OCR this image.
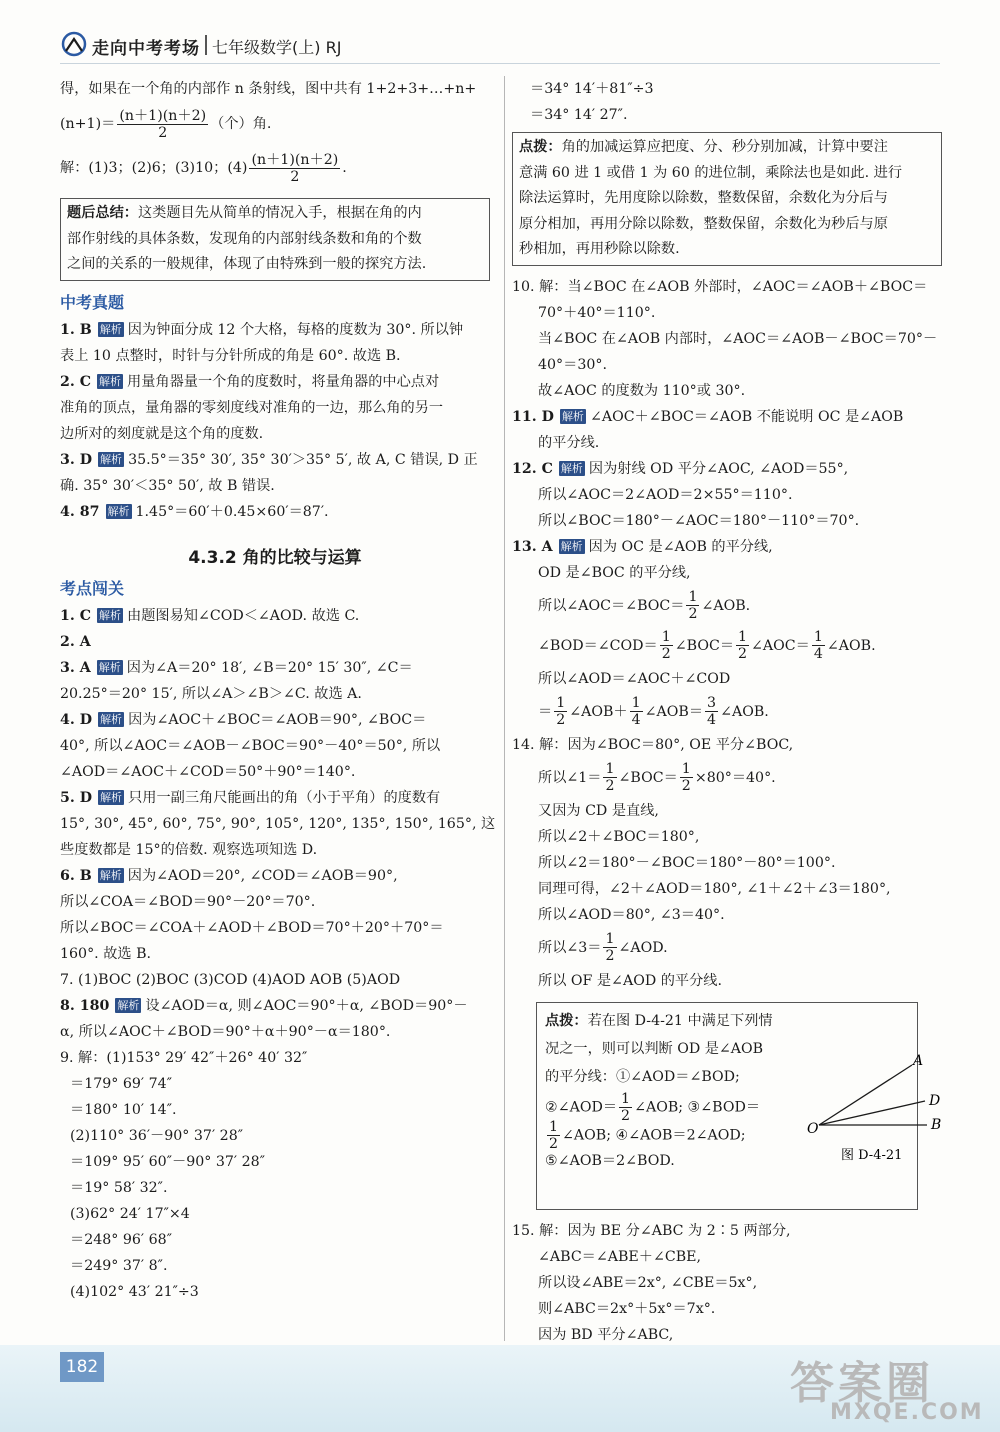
走向中考考场 七年级数学(上) RJ
得，如果在一个角的内部作 n 条射线，图中共有 1+2+3+…+n+
$(n+1)= \frac{(n+1)(n+2)}{2}$ （个）角.
解：(1)3；(2)6；(3)10；$(4) \frac{(n+1)(n+2)}{2}$ .
题后总结：这类题目先从简单的情况入手，根据在角的内
部作射线的具体条数，发现角的内部射线条数和角的个数
之间的关系的一般规律，体现了由特殊到一般的探究方法.
中考真题
1. B 解析 因为钟面分成 12 个大格，每格的度数为 30°. 所以钟
表上 10 点整时，时针与分针所成的角是 60°. 故选 B.
2. C 解析 用量角器量一个角的度数时，将量角器的中心点对
准角的顶点，量角器的零刻度线对准角的一边，那么角的另一
边所对的刻度就是这个角的度数.
3. D 解析 35.5°＝35° 30′, 35° 30′＞35° 5′, 故 A, C 错误, D 正
确. 35° 30′＜35° 50′, 故 B 错误.
4. 87 解析 1.45°＝60′＋0.45×60′＝87′.
4.3.2 角的比较与运算
考点闯关
1. C 解析 由题图易知∠COD＜∠AOD. 故选 C.
2. A
3. A 解析 因为∠A＝20° 18′, ∠B＝20° 15′ 30″, ∠C＝
20.25°＝20° 15′, 所以∠A＞∠B＞∠C. 故选 A.
4. D 解析 因为∠AOC＋∠BOC＝∠AOB＝90°, ∠BOC＝
40°, 所以∠AOC＝∠AOB－∠BOC＝90°－40°＝50°, 所以
∠AOD＝∠AOC＋∠COD＝50°＋90°＝140°.
5. D 解析 只用一副三角尺能画出的角（小于平角）的度数有
15°, 30°, 45°, 60°, 75°, 90°, 105°, 120°, 135°, 150°, 165°, 这
些度数都是 15°的倍数. 观察选项知选 D.
6. B 解析 因为∠AOD＝20°, ∠COD＝∠AOB＝90°,
所以∠COA＝∠BOD＝90°－20°＝70°.
所以∠BOC＝∠COA＋∠AOD＋∠BOD＝70°＋20°＋70°＝
160°. 故选 B.
7. (1)BOC (2)BOC (3)COD (4)AOD AOB (5)AOD
8. 180 解析 设∠AOD＝α, 则∠AOC＝90°＋α, ∠BOD＝90°－
α, 所以∠AOC＋∠BOD＝90°＋α＋90°－α＝180°.
9. 解：(1)153° 29′ 42″＋26° 40′ 32″
＝179° 69′ 74″
＝180° 10′ 14″.
(2)110° 36′－90° 37′ 28″
＝109° 95′ 60″－90° 37′ 28″
＝19° 58′ 32″.
(3)62° 24′ 17″×4
＝248° 96′ 68″
＝249° 37′ 8″.
(4)102° 43′ 21″÷3
＝34° 14′＋81″÷3
＝34° 14′ 27″.
点拨：角的加减运算应把度、分、秒分别加减，计算中要注
意满 60 进 1 或借 1 为 60 的进位制，乘除法也是如此. 进行
除法运算时，先用度除以除数，整数保留，余数化为分后与
原分相加，再用分除以除数，整数保留，余数化为秒后与原
秒相加，再用秒除以除数.
10. 解：当∠BOC 在∠AOB 外部时，∠AOC＝∠AOB＋∠BOC＝
70°＋40°＝110°.
当∠BOC 在∠AOB 内部时，∠AOC＝∠AOB－∠BOC＝70°－
40°＝30°.
故∠AOC 的度数为 110°或 30°.
11. D 解析 ∠AOC＋∠BOC＝∠AOB 不能说明 OC 是∠AOB
的平分线.
12. C 解析 因为射线 OD 平分∠AOC, ∠AOD＝55°,
所以∠AOC＝2∠AOD＝2×55°＝110°.
所以∠BOC＝180°－∠AOC＝180°－110°＝70°.
13. A 解析 因为 OC 是∠AOB 的平分线,
OD 是∠BOC 的平分线,
所以∠AOC＝∠BOC＝ $\frac{1}{2}$ ∠AOB.
∠BOD＝∠COD＝ $\frac{1}{2}$ ∠BOC＝ $\frac{1}{2}$ ∠AOC＝ $\frac{1}{4}$ ∠AOB.
所以∠AOD＝∠AOC＋∠COD
＝ $\frac{1}{2}$ ∠AOB＋ $\frac{1}{4}$ ∠AOB＝ $\frac{3}{4}$ ∠AOB.
14. 解：因为∠BOC＝80°, OE 平分∠BOC,
所以∠1＝ $\frac{1}{2}$ ∠BOC＝ $\frac{1}{2} \times 80^\circ=40^\circ$.
又因为 CD 是直线,
所以∠2＋∠BOC＝180°,
所以∠2＝180°－∠BOC＝180°－80°＝100°.
同理可得，∠2＋∠AOD＝180°, ∠1＋∠2＋∠3＝180°,
所以∠AOD＝80°, ∠3＝40°.
所以∠3＝ $\frac{1}{2}$ ∠AOD.
所以 OF 是∠AOD 的平分线.
点拨：若在图 D-4-21 中满足下列情
况之一，则可以判断 OD 是∠AOB
的平分线：①∠AOD＝∠BOD;
②∠AOD＝ $\frac{1}{2}$ ∠AOB; ③∠BOD＝
$\frac{1}{2}$ ∠AOB; ④∠AOB＝2∠AOD;
⑤∠AOB＝2∠BOD.
A
D
B
O
图 D-4-21
15. 解：因为 BE 分∠ABC 为 2∶5 两部分,
∠ABC＝∠ABE＋∠CBE,
所以设∠ABE＝2x°, ∠CBE＝5x°,
则∠ABC＝2x°＋5x°＝7x°.
因为 BD 平分∠ABC,
182	答案圈
MXQE.COM
